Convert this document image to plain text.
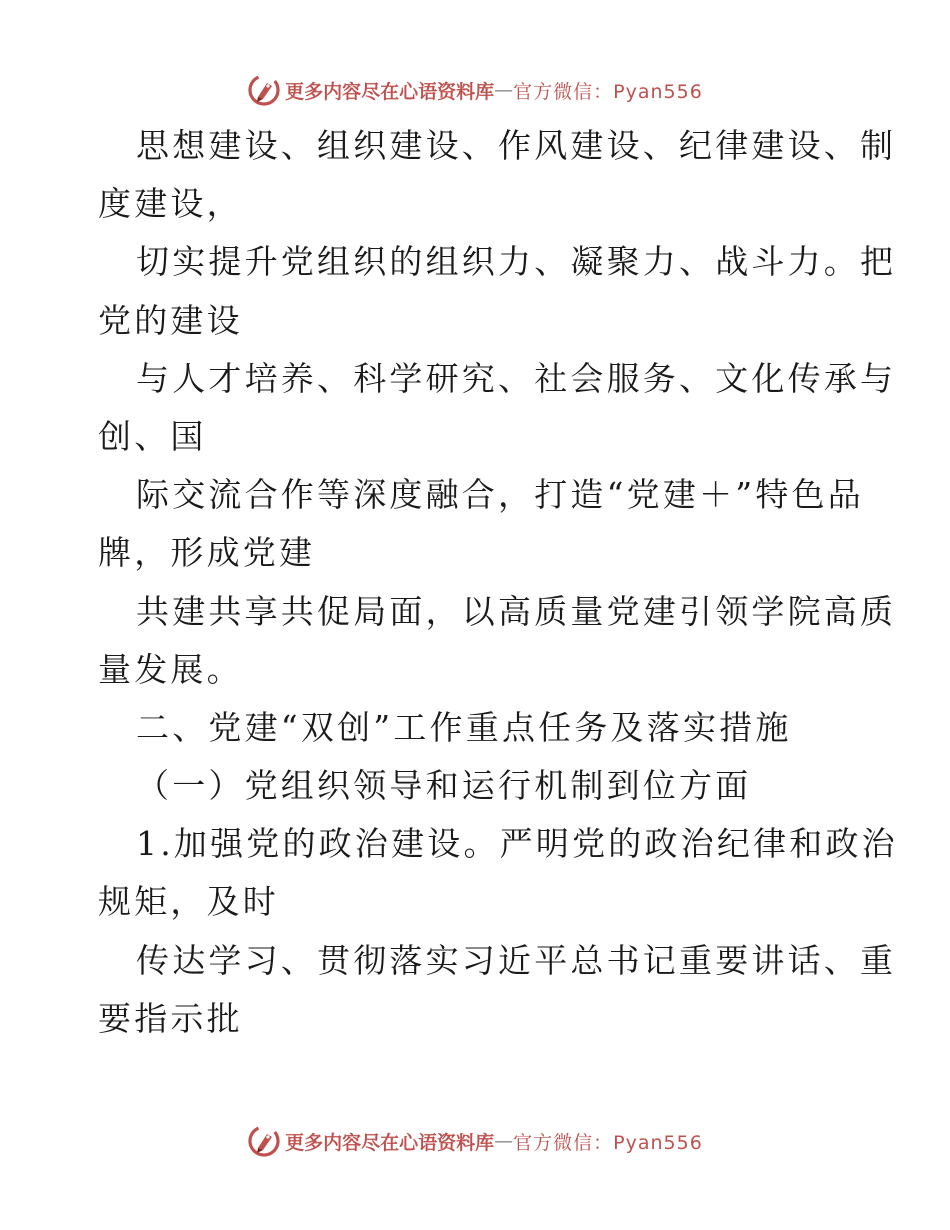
更多内容尽在心语资料库 — 官方微信：Pyan556
思想建设、组织建设、作风建设、纪律建设、制
度建设，
切实提升党组织的组织力、凝聚力、战斗力。把
党的建设
与人才培养、科学研究、社会服务、文化传承与
创、国
际交流合作等深度融合，打造“党建＋”特色品
牌，形成党建
共建共享共促局面，以高质量党建引领学院高质
量发展。
二、党建“双创”工作重点任务及落实措施
（一）党组织领导和运行机制到位方面
1.加强党的政治建设。严明党的政治纪律和政治
规矩，及时
传达学习、贯彻落实习近平总书记重要讲话、重
要指示批
更多内容尽在心语资料库 — 官方微信：Pyan556
